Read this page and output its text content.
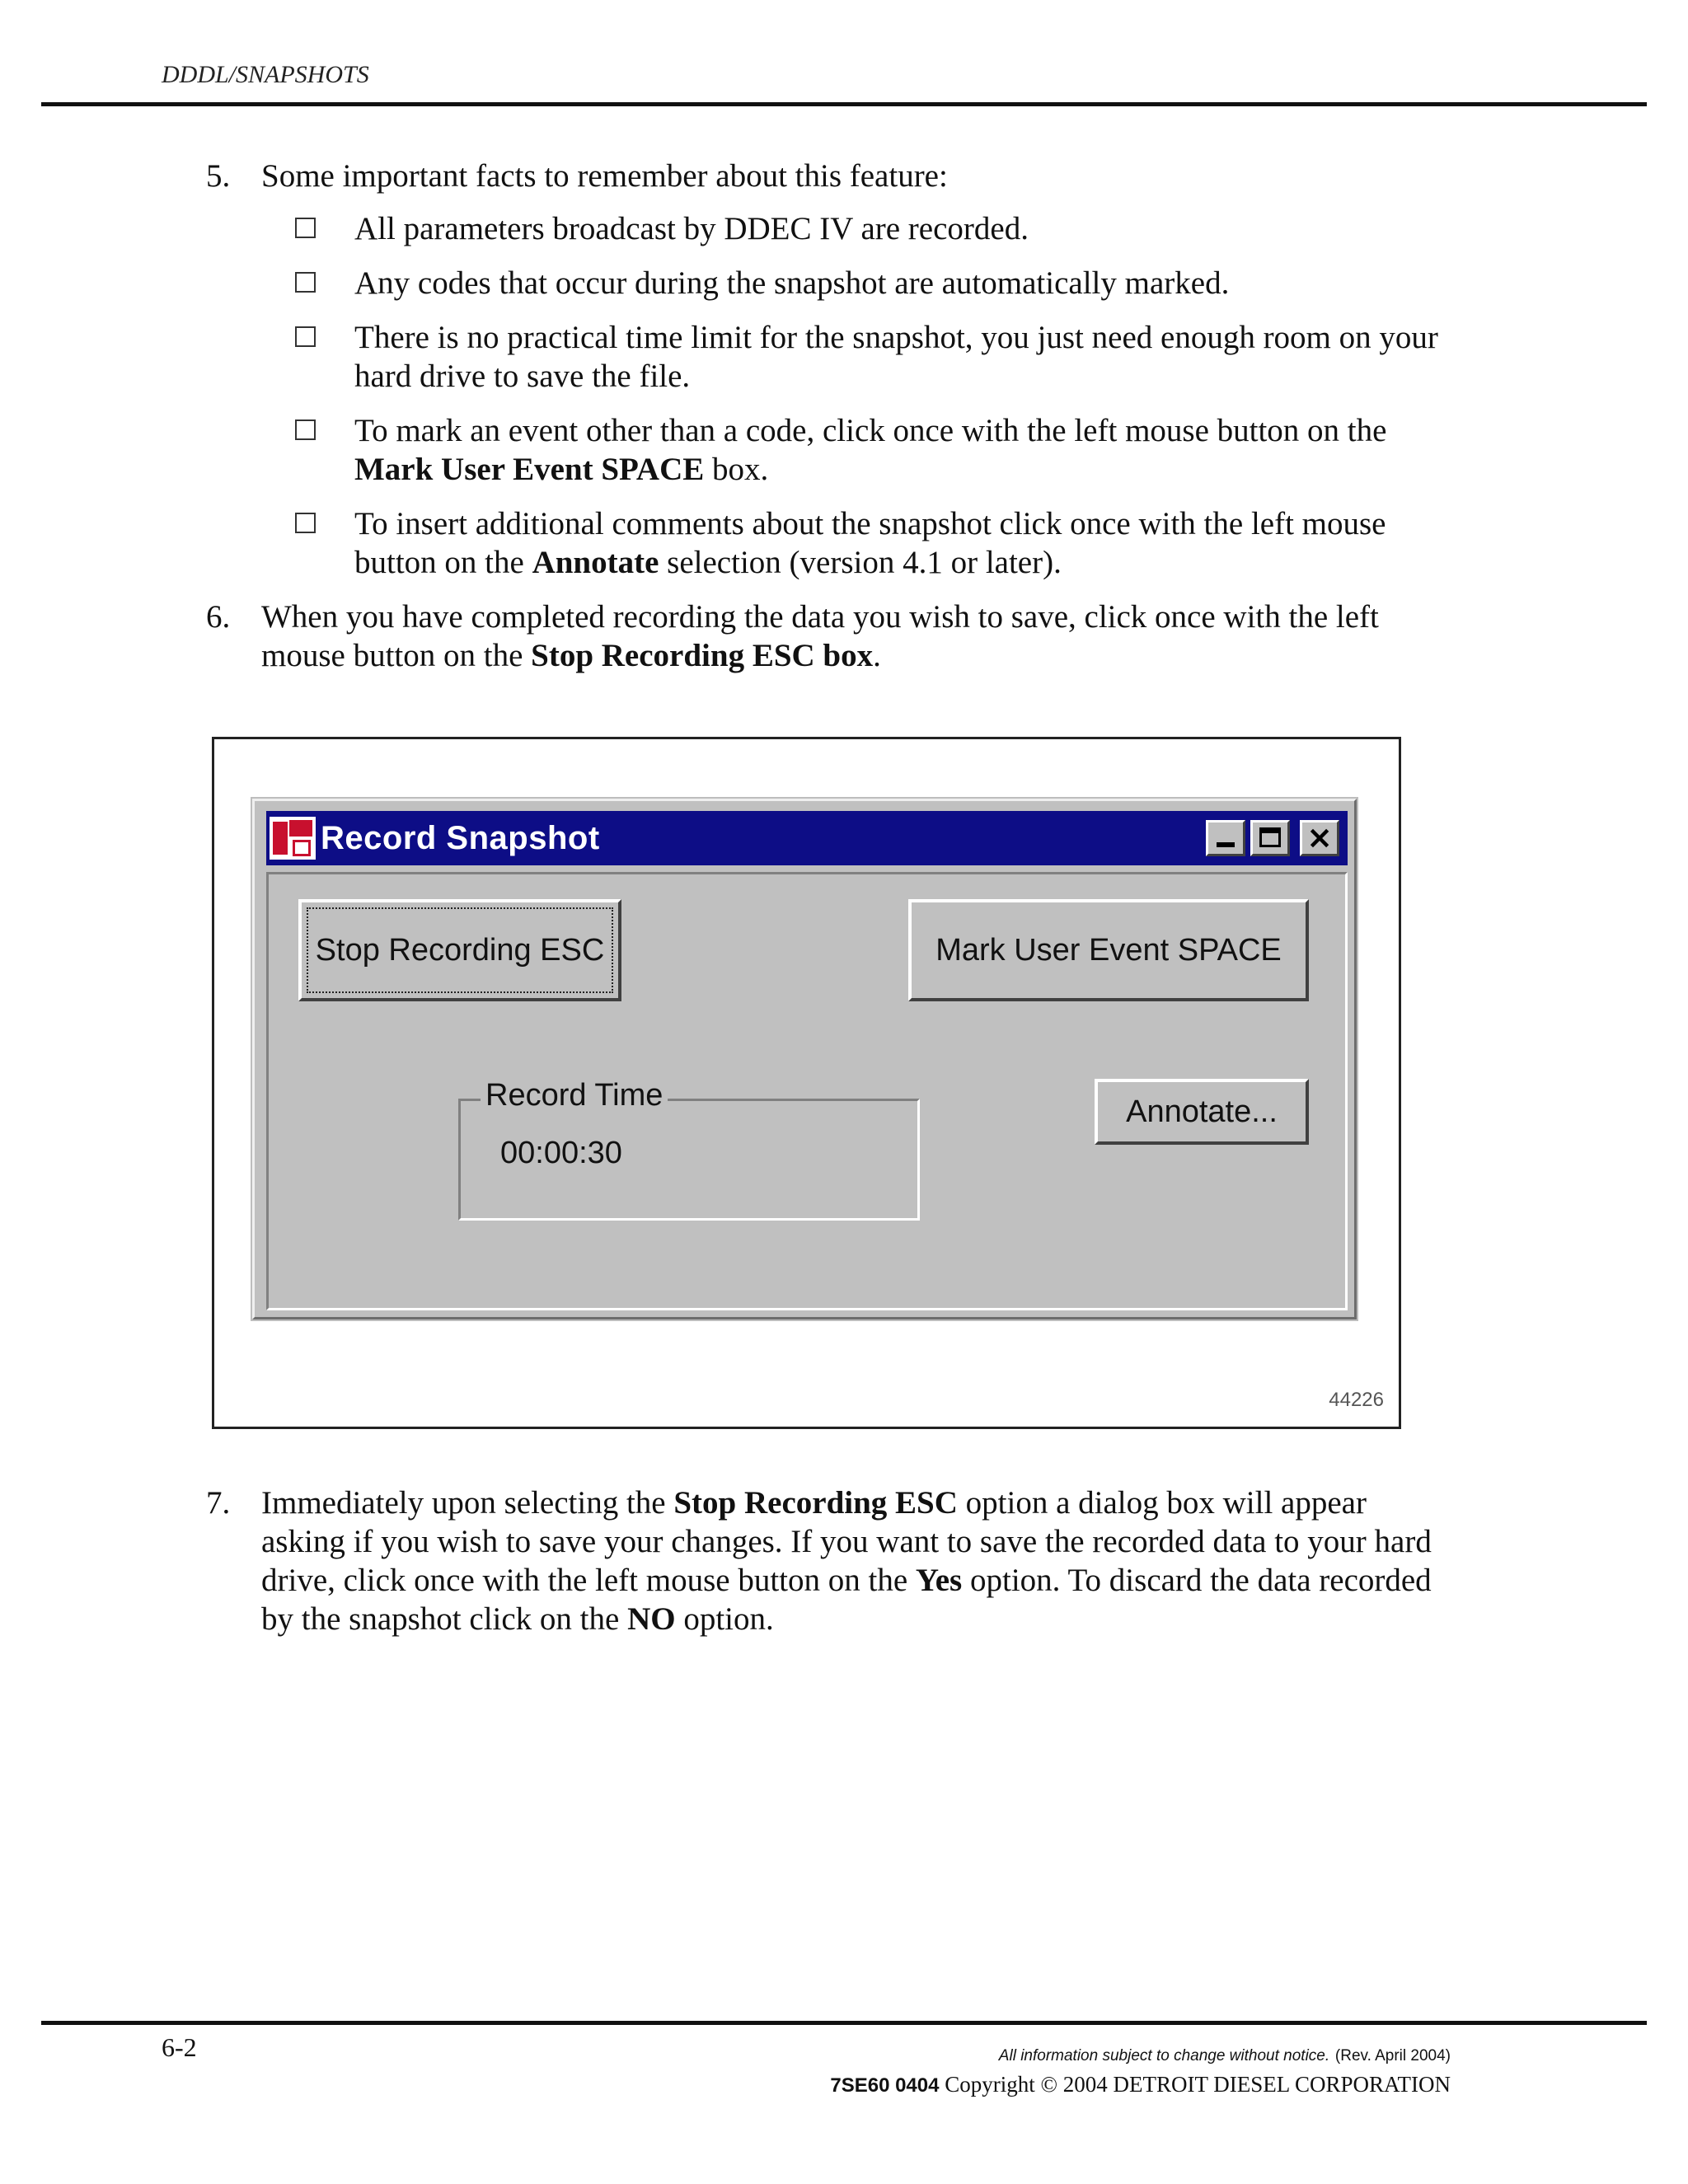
DDDL/SNAPSHOTS
5. Some important facts to remember about this feature:
All parameters broadcast by DDEC IV are recorded.
Any codes that occur during the snapshot are automatically marked.
There is no practical time limit for the snapshot, you just need enough room on your hard drive to save the file.
To mark an event other than a code, click once with the left mouse button on the Mark User Event SPACE box.
To insert additional comments about the snapshot click once with the left mouse button on the Annotate selection (version 4.1 or later).
6. When you have completed recording the data you wish to save, click once with the left mouse button on the Stop Recording ESC box.
Record Snapshot	×
Stop Recording ESC	Mark User Event SPACE
Annotate...
Record Time
00:00:30
44226
7. Immediately upon selecting the Stop Recording ESC option a dialog box will appear asking if you wish to save your changes. If you want to save the recorded data to your hard drive, click once with the left mouse button on the Yes option. To discard the data recorded by the snapshot click on the NO option.
6-2	All information subject to change without notice. (Rev. April 2004)
7SE60 0404 Copyright © 2004 DETROIT DIESEL CORPORATION
